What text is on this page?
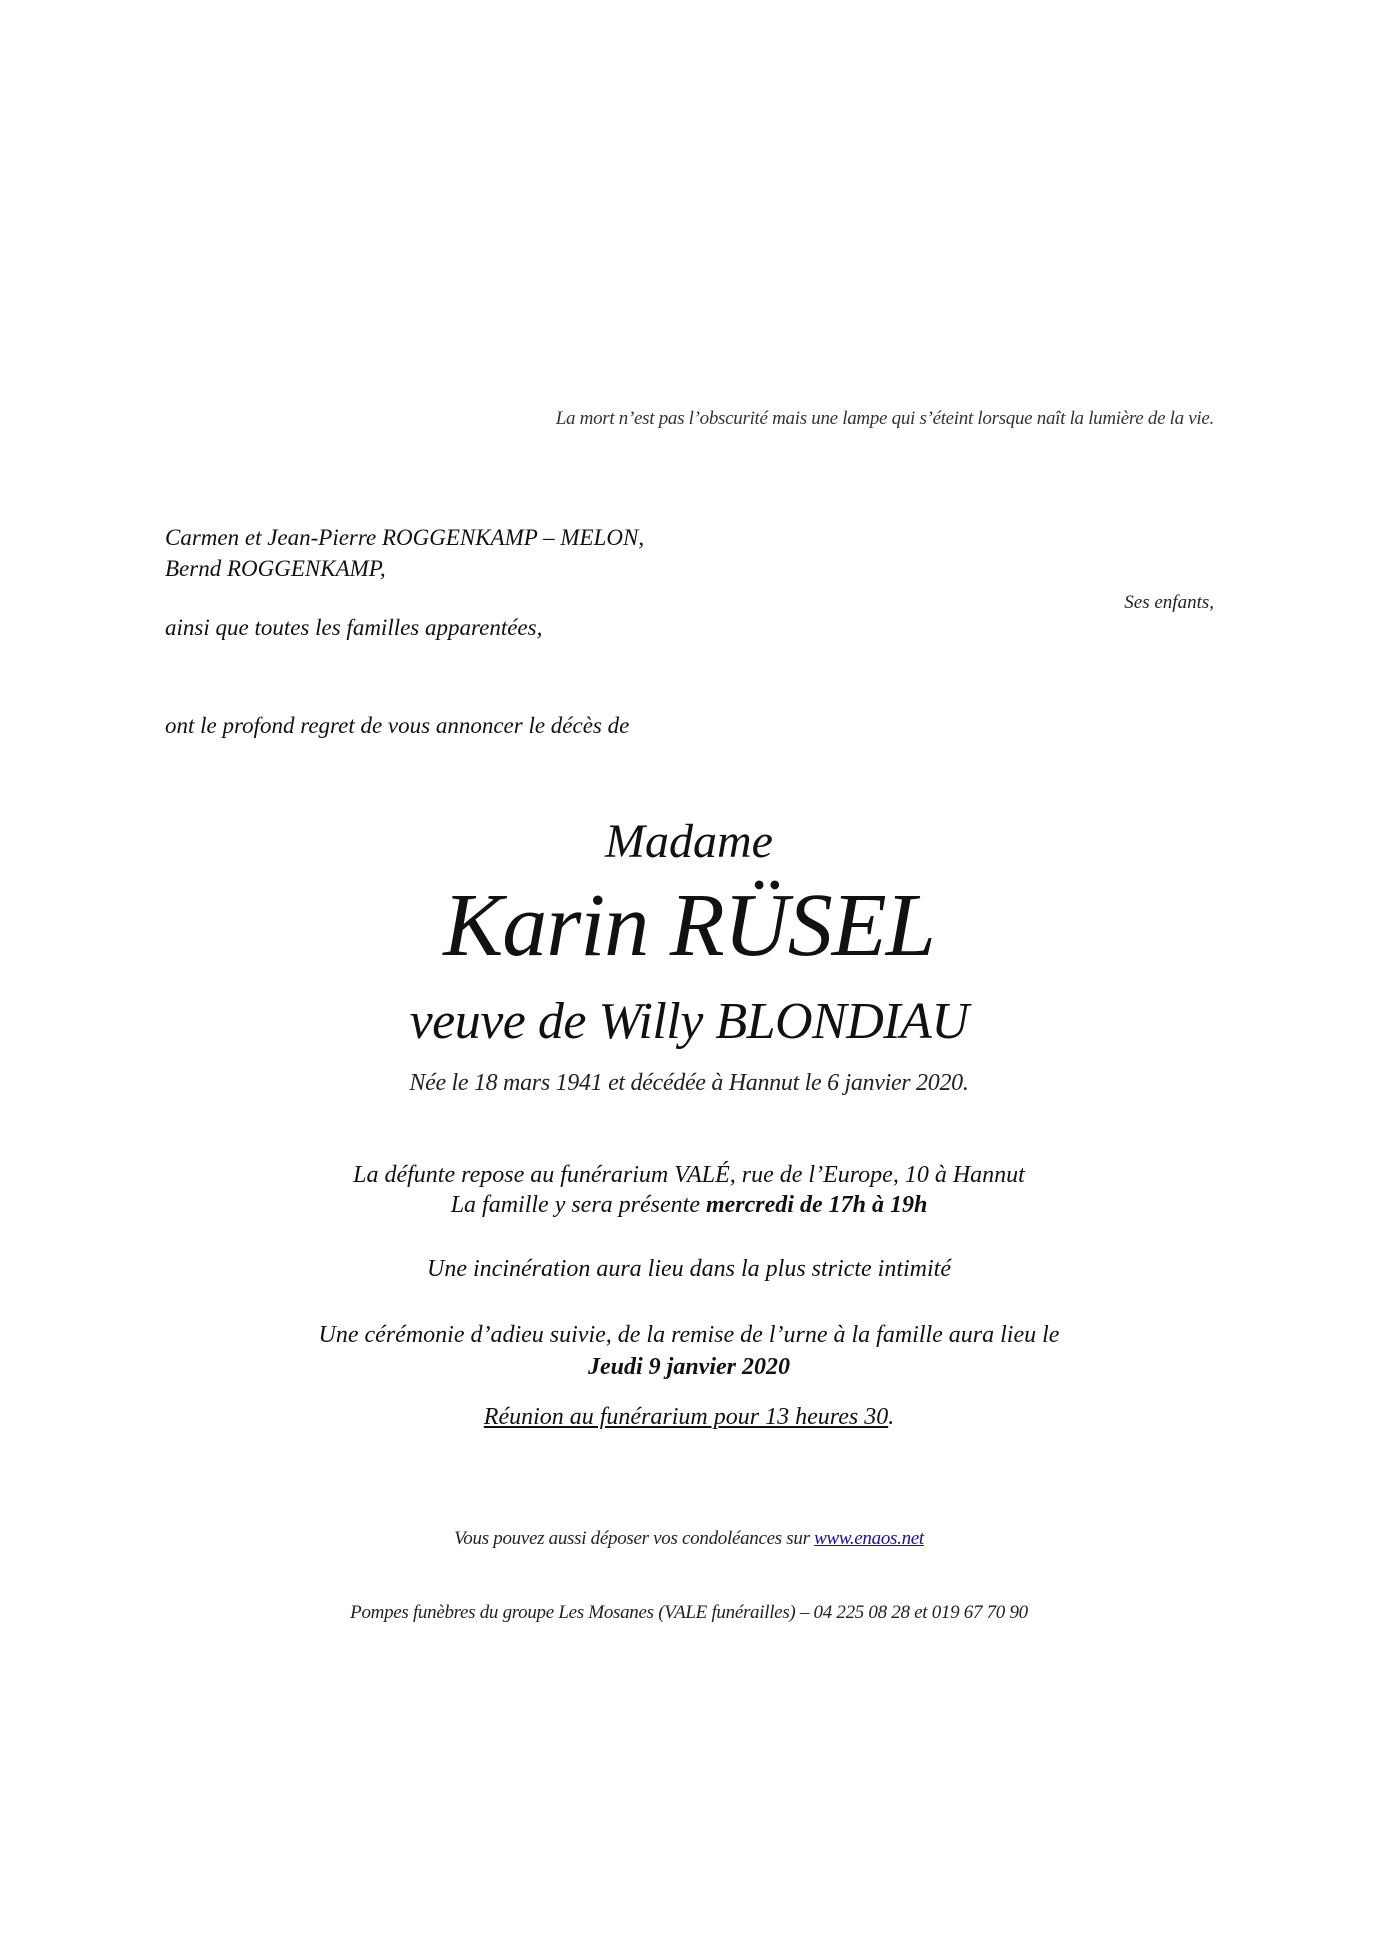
La mort n’est pas l’obscurité mais une lampe qui s’éteint lorsque naît la lumière de la vie.
Carmen et Jean-Pierre ROGGENKAMP – MELON,
Bernd ROGGENKAMP,
Ses enfants,
ainsi que toutes les familles apparentées,
ont le profond regret de vous annoncer le décès de
Madame
Karin RÜSEL
veuve de Willy BLONDIAU
Née le 18 mars 1941 et décédée à Hannut le 6 janvier 2020.
La défunte repose au funérarium VALÉ, rue de l’Europe, 10 à Hannut
La famille y sera présente mercredi de 17h à 19h
Une incinération aura lieu dans la plus stricte intimité
Une cérémonie d’adieu suivie, de la remise de l’urne à la famille aura lieu le
Jeudi 9 janvier 2020
Réunion au funérarium pour 13 heures 30.
Vous pouvez aussi déposer vos condoléances sur www.enaos.net
Pompes funèbres du groupe Les Mosanes (VALE funérailles) – 04 225 08 28 et 019 67 70 90
